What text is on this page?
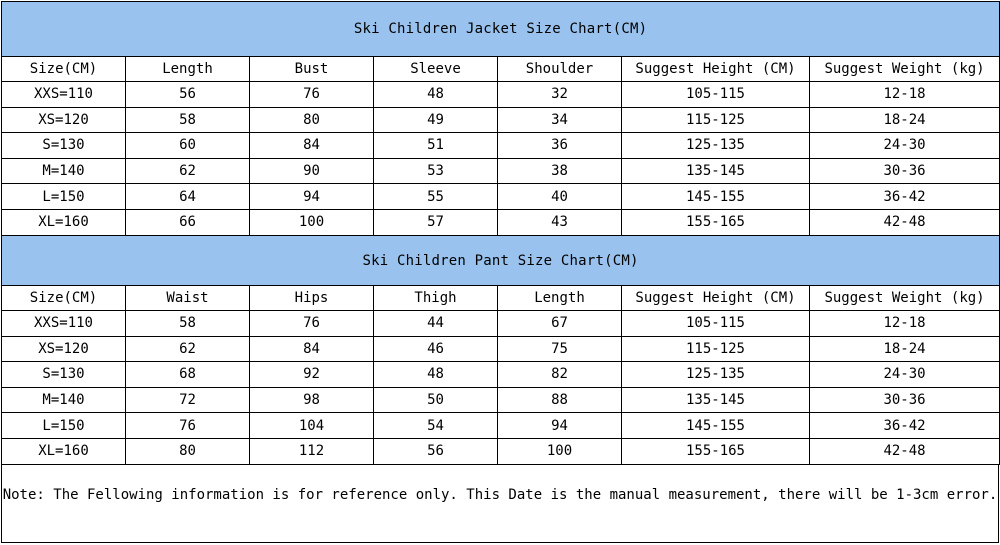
Ski Children Jacket Size Chart(CM)						
Size(CM)	Length	Bust	Sleeve	Shoulder	Suggest Height (CM)	Suggest Weight (kg)
XXS=110	56	76	48	32	105-115	12-18
XS=120	58	80	49	34	115-125	18-24
S=130	60	84	51	36	125-135	24-30
M=140	62	90	53	38	135-145	30-36
L=150	64	94	55	40	145-155	36-42
XL=160	66	100	57	43	155-165	42-48
Ski Children Pant Size Chart(CM)						
Size(CM)	Waist	Hips	Thigh	Length	Suggest Height (CM)	Suggest Weight (kg)
XXS=110	58	76	44	67	105-115	12-18
XS=120	62	84	46	75	115-125	18-24
S=130	68	92	48	82	125-135	24-30
M=140	72	98	50	88	135-145	30-36
L=150	76	104	54	94	145-155	36-42
XL=160	80	112	56	100	155-165	42-48
Note: The Fellowing information is for reference only. This Date is the manual measurement, there will be 1-3cm error.
